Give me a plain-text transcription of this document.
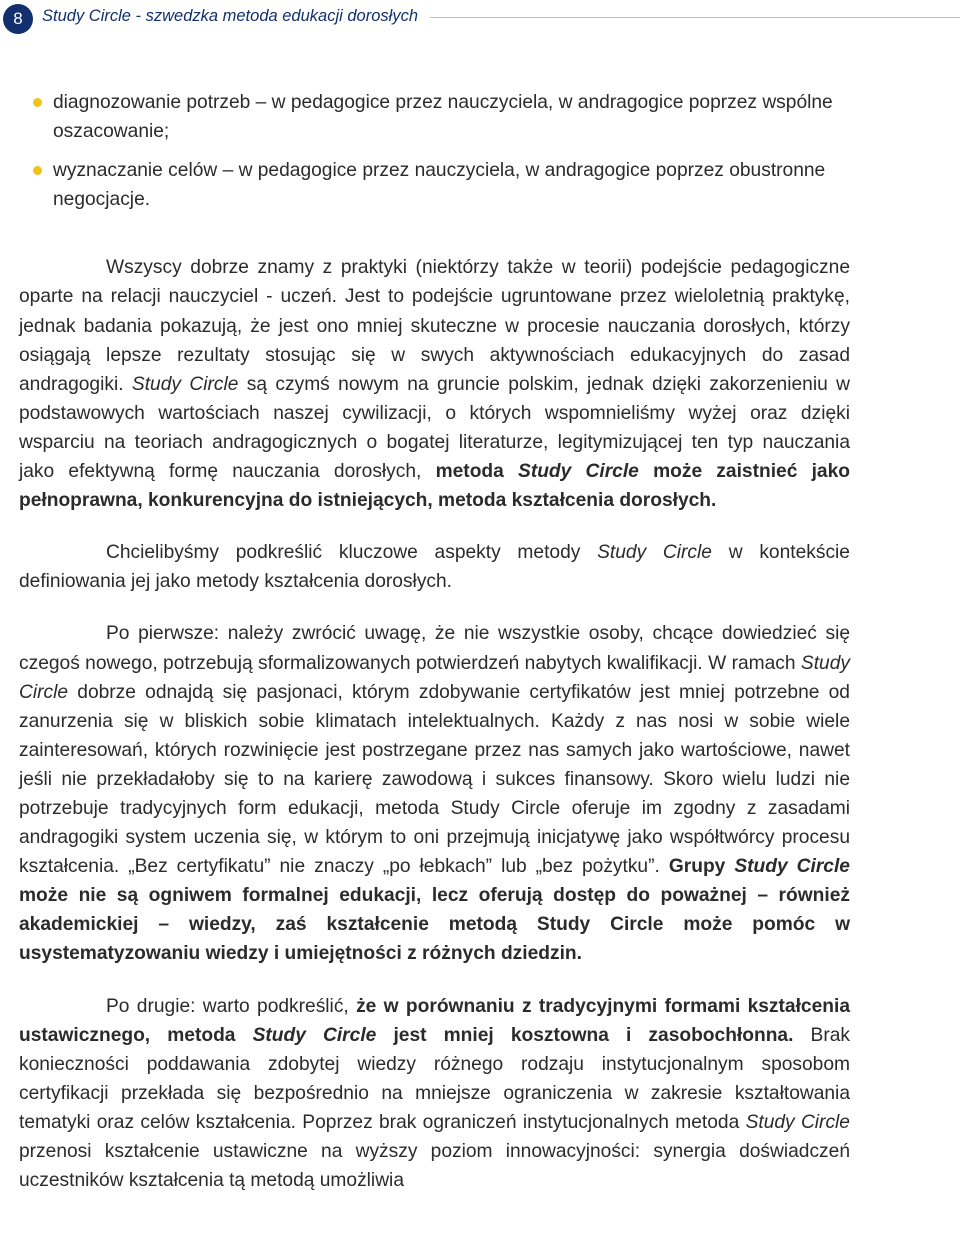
8	Study Circle - szwedzka metoda edukacji dorosłych
diagnozowanie potrzeb – w pedagogice przez nauczyciela, w andragogice poprzez wspólne oszacowanie;
wyznaczanie celów – w pedagogice przez nauczyciela, w andragogice poprzez obustronne negocjacje.

Wszyscy dobrze znamy z praktyki (niektórzy także w teorii) podejście pedagogiczne oparte na relacji nauczyciel - uczeń. Jest to podejście ugruntowane przez wieloletnią praktykę, jednak badania pokazują, że jest ono mniej skuteczne w procesie nauczania dorosłych, którzy osiągają lepsze rezultaty stosując się w swych aktywnościach edukacyjnych do zasad andragogiki. Study Circle są czymś nowym na gruncie polskim, jednak dzięki zakorzenieniu w podstawowych wartościach naszej cywilizacji, o których wspomnieliśmy wyżej oraz dzięki wsparciu na teoriach andragogicznych o bogatej literaturze, legitymizującej ten typ nauczania jako efektywną formę nauczania dorosłych, metoda Study Circle może zaistnieć jako pełnoprawna, konkurencyjna do istniejących, metoda kształcenia dorosłych.

Chcielibyśmy podkreślić kluczowe aspekty metody Study Circle w kontekście definiowania jej jako metody kształcenia dorosłych.

Po pierwsze: należy zwrócić uwagę, że nie wszystkie osoby, chcące dowiedzieć się czegoś nowego, potrzebują sformalizowanych potwierdzeń nabytych kwalifikacji. W ramach Study Circle dobrze odnajdą się pasjonaci, którym zdobywanie certyfikatów jest mniej potrzebne od zanurzenia się w bliskich sobie klimatach intelektualnych. Każdy z nas nosi w sobie wiele zainteresowań, których rozwinięcie jest postrzegane przez nas samych jako wartościowe, nawet jeśli nie przekładałoby się to na karierę zawodową i sukces finansowy. Skoro wielu ludzi nie potrzebuje tradycyjnych form edukacji, metoda Study Circle oferuje im zgodny z zasadami andragogiki system uczenia się, w którym to oni przejmują inicjatywę jako współtwórcy procesu kształcenia. „Bez certyfikatu” nie znaczy „po łebkach” lub „bez pożytku”. Grupy Study Circle może nie są ogniwem formalnej edukacji, lecz oferują dostęp do poważnej – również akademickiej – wiedzy, zaś kształcenie metodą Study Circle może pomóc w usystematyzowaniu wiedzy i umiejętności z różnych dziedzin.

Po drugie: warto podkreślić, że w porównaniu z tradycyjnymi formami kształcenia ustawicznego, metoda Study Circle jest mniej kosztowna i zasobochłonna. Brak konieczności poddawania zdobytej wiedzy różnego rodzaju instytucjonalnym sposobom certyfikacji przekłada się bezpośrednio na mniejsze ograniczenia w zakresie kształtowania tematyki oraz celów kształcenia. Poprzez brak ograniczeń instytucjonalnych metoda Study Circle przenosi kształcenie ustawiczne na wyższy poziom innowacyjności: synergia doświadczeń uczestników kształcenia tą metodą umożliwia
